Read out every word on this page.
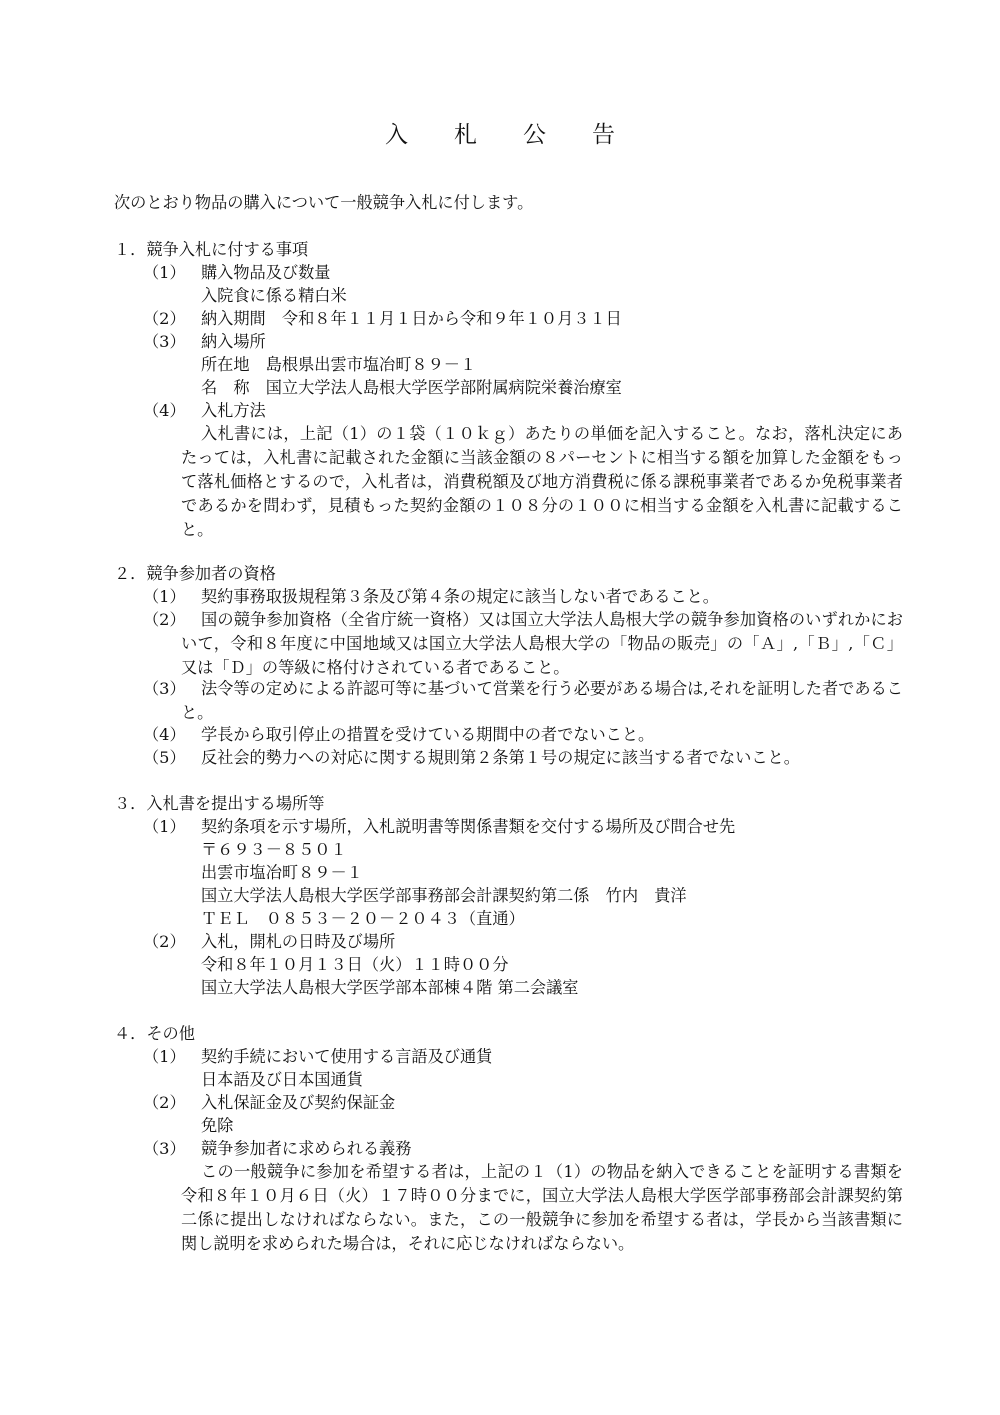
入 札 公 告
次のとおり物品の購入について一般競争入札に付します。
１．競争入札に付する事項
（1） 購入物品及び数量
入院食に係る精白米
（2） 納入期間　令和８年１１月１日から令和９年１０月３１日
（3） 納入場所
所在地　島根県出雲市塩冶町８９－１
名　称　国立大学法人島根大学医学部附属病院栄養治療室
（4） 入札方法
入札書には，上記（1）の１袋（１０ｋｇ）あたりの単価を記入すること。なお，落札決定にあたっては，入札書に記載された金額に当該金額の８パーセントに相当する額を加算した金額をもって落札価格とするので，入札者は，消費税額及び地方消費税に係る課税事業者であるか免税事業者であるかを問わず，見積もった契約金額の１０８分の１００に相当する金額を入札書に記載すること。
２．競争参加者の資格
（1） 契約事務取扱規程第３条及び第４条の規定に該当しない者であること。
（2） 国の競争参加資格（全省庁統一資格）又は国立大学法人島根大学の競争参加資格のいずれかにおいて，令和８年度に中国地域又は国立大学法人島根大学の「物品の販売」の「Ａ」,「Ｂ」,「Ｃ」又は「Ｄ」の等級に格付けされている者であること。
（3） 法令等の定めによる許認可等に基づいて営業を行う必要がある場合は,それを証明した者であること。
（4） 学長から取引停止の措置を受けている期間中の者でないこと。
（5） 反社会的勢力への対応に関する規則第２条第１号の規定に該当する者でないこと。
３．入札書を提出する場所等
（1） 契約条項を示す場所，入札説明書等関係書類を交付する場所及び問合せ先
〒６９３－８５０１
出雲市塩冶町８９－１
国立大学法人島根大学医学部事務部会計課契約第二係　竹内　貴洋
ＴＥＬ　０８５３－２０－２０４３（直通）
（2） 入札，開札の日時及び場所
令和８年１０月１３日（火）１１時００分
国立大学法人島根大学医学部本部棟４階 第二会議室
４．その他
（1） 契約手続において使用する言語及び通貨
日本語及び日本国通貨
（2） 入札保証金及び契約保証金
免除
（3） 競争参加者に求められる義務
この一般競争に参加を希望する者は，上記の１（1）の物品を納入できることを証明する書類を令和８年１０月６日（火）１７時００分までに，国立大学法人島根大学医学部事務部会計課契約第二係に提出しなければならない。また，この一般競争に参加を希望する者は，学長から当該書類に関し説明を求められた場合は，それに応じなければならない。
